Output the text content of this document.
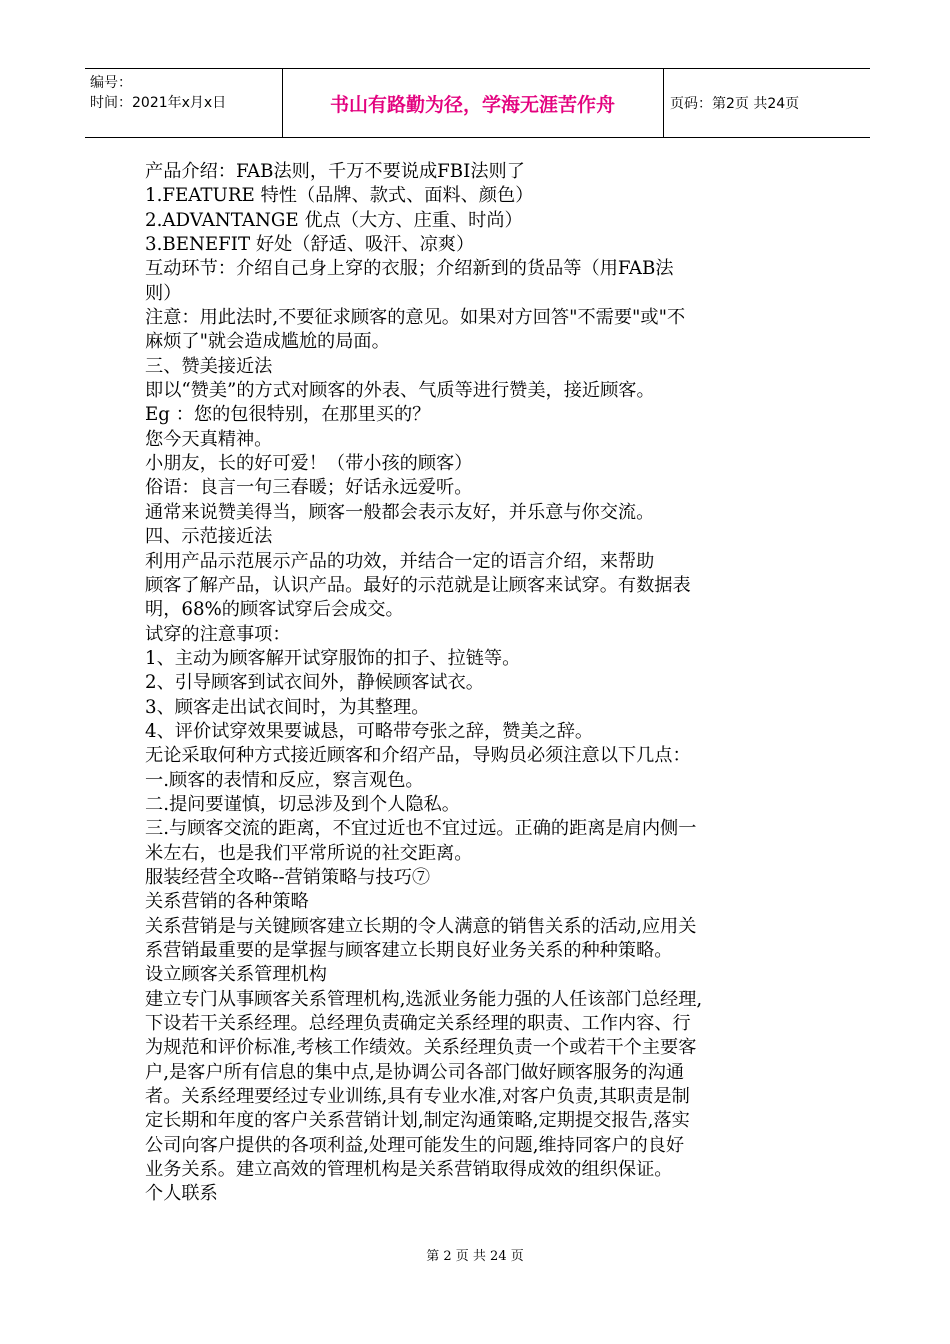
编号：
时间：2021年x月x日	书山有路勤为径，学海无涯苦作舟	页码：第2页 共24页

产品介绍：FAB法则，千万不要说成FBI法则了

1.FEATURE 特性（品牌、款式、面料、颜色）

2.ADVANTANGE 优点（大方、庄重、时尚）

3.BENEFIT 好处（舒适、吸汗、凉爽）

互动环节：介绍自己身上穿的衣服；介绍新到的货品等（用FAB法

则）

注意：用此法时,不要征求顾客的意见。如果对方回答"不需要"或"不

麻烦了"就会造成尴尬的局面。

三、赞美接近法

即以“赞美”的方式对顾客的外表、气质等进行赞美，接近顾客。

Eg ：您的包很特别，在那里买的？

您今天真精神。

小朋友，长的好可爱！（带小孩的顾客）

俗语：良言一句三春暖；好话永远爱听。

通常来说赞美得当，顾客一般都会表示友好，并乐意与你交流。

四、示范接近法

利用产品示范展示产品的功效，并结合一定的语言介绍，来帮助

顾客了解产品，认识产品。最好的示范就是让顾客来试穿。有数据表

明，68%的顾客试穿后会成交。

试穿的注意事项：

1、主动为顾客解开试穿服饰的扣子、拉链等。

2、引导顾客到试衣间外，静候顾客试衣。

3、顾客走出试衣间时，为其整理。

4、评价试穿效果要诚恳，可略带夸张之辞，赞美之辞。

无论采取何种方式接近顾客和介绍产品，导购员必须注意以下几点：

一.顾客的表情和反应，察言观色。

二.提问要谨慎，切忌涉及到个人隐私。

三.与顾客交流的距离，不宜过近也不宜过远。正确的距离是肩内侧一

米左右，也是我们平常所说的社交距离。

服装经营全攻略--营销策略与技巧⑦

关系营销的各种策略

关系营销是与关键顾客建立长期的令人满意的销售关系的活动,应用关

系营销最重要的是掌握与顾客建立长期良好业务关系的种种策略。

设立顾客关系管理机构

建立专门从事顾客关系管理机构,选派业务能力强的人任该部门总经理,

下设若干关系经理。总经理负责确定关系经理的职责、工作内容、行

为规范和评价标准,考核工作绩效。关系经理负责一个或若干个主要客

户,是客户所有信息的集中点,是协调公司各部门做好顾客服务的沟通

者。关系经理要经过专业训练,具有专业水准,对客户负责,其职责是制

定长期和年度的客户关系营销计划,制定沟通策略,定期提交报告,落实

公司向客户提供的各项利益,处理可能发生的问题,维持同客户的良好

业务关系。建立高效的管理机构是关系营销取得成效的组织保证。

个人联系

第 2 页 共 24 页
